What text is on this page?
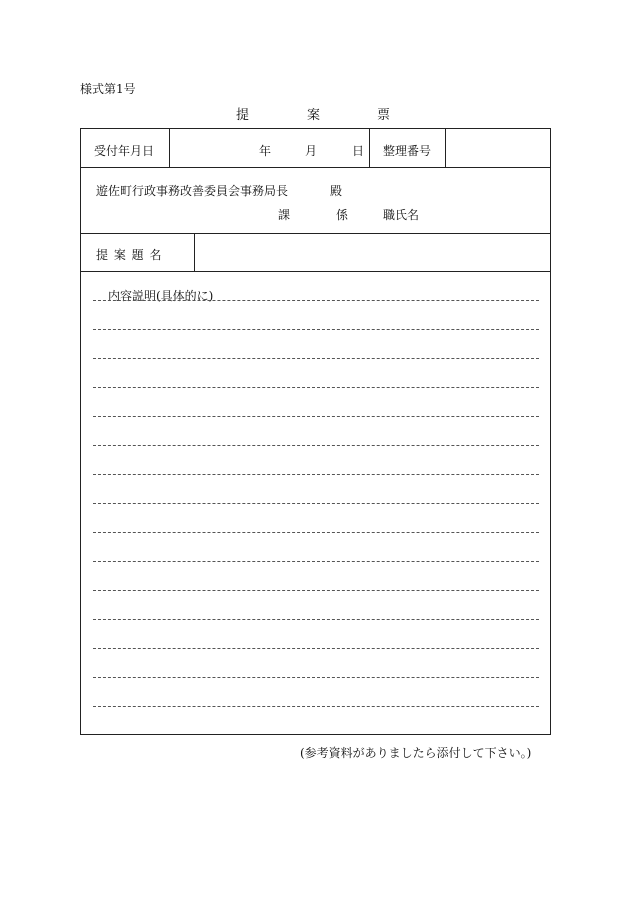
様式第1号
提	案	票
受付年月日	年	月	日 整理番号
遊佐町行政事務改善委員会事務局長	殿
課	係	職氏名
提 案 題 名
内容説明(具体的に)
(参考資料がありましたら添付して下さい。)
